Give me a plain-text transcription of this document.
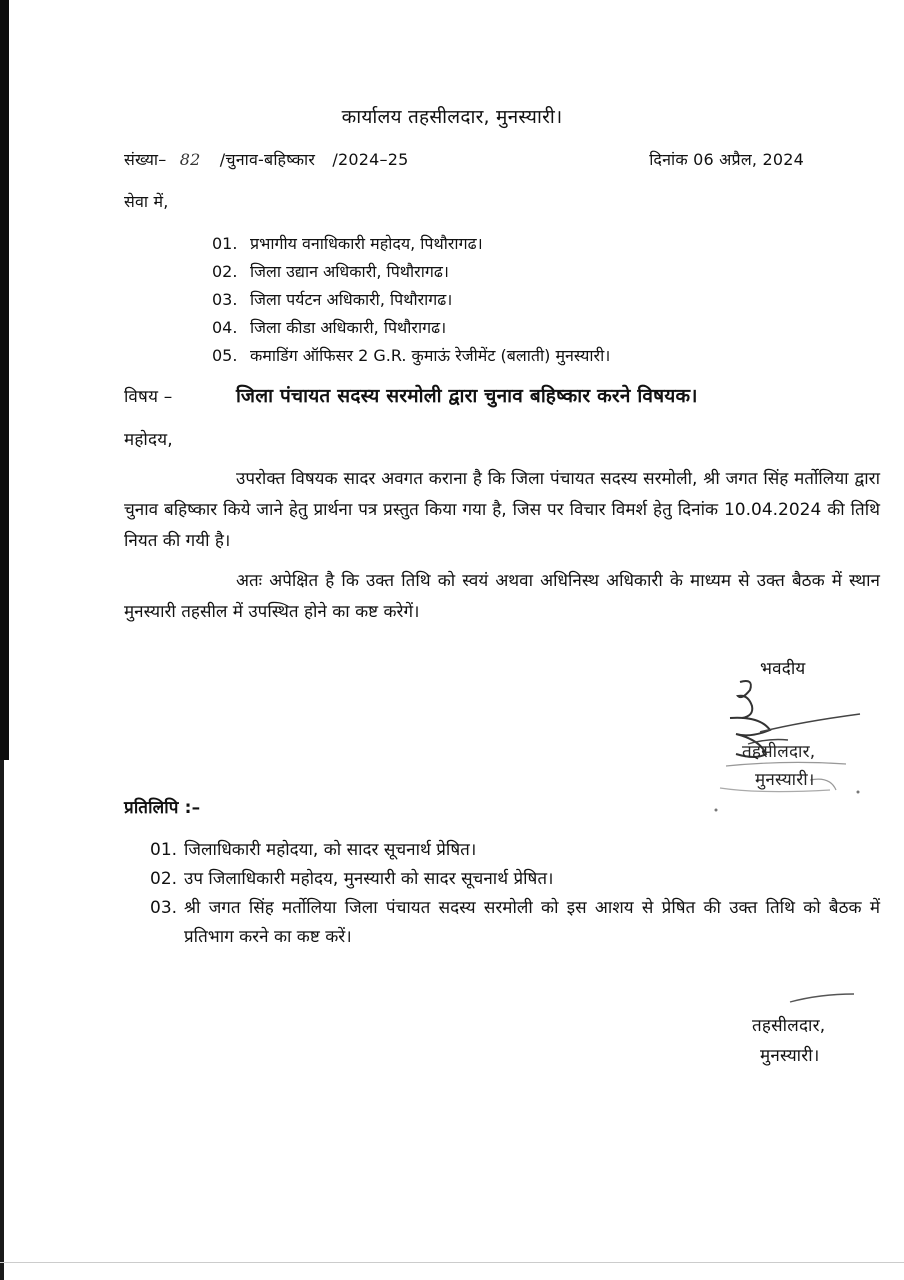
कार्यालय तहसीलदार, मुनस्यारी।
संख्या– 82 /चुनाव-बहिष्कार /2024–25	दिनांक 06 अप्रैल, 2024
सेवा में,
01. प्रभागीय वनाधिकारी महोदय, पिथौरागढ।
02. जिला उद्यान अधिकारी, पिथौरागढ।
03. जिला पर्यटन अधिकारी, पिथौरागढ।
04. जिला कीडा अधिकारी, पिथौरागढ।
05. कमाडिंग ऑफिसर 2 G.R. कुमाऊं रेजीमेंट (बलाती) मुनस्यारी।
विषय –	जिला पंचायत सदस्य सरमोली द्वारा चुनाव बहिष्कार करने विषयक।
महोदय,

उपरोक्त विषयक सादर अवगत कराना है कि जिला पंचायत सदस्य सरमोली, श्री जगत सिंह मर्तोलिया द्वारा चुनाव बहिष्कार किये जाने हेतु प्रार्थना पत्र प्रस्तुत किया गया है, जिस पर विचार विमर्श हेतु दिनांक 10.04.2024 की तिथि नियत की गयी है।

अतः अपेक्षित है कि उक्त तिथि को स्वयं अथवा अधिनिस्थ अधिकारी के माध्यम से उक्त बैठक में स्थान मुनस्यारी तहसील में उपस्थित होने का कष्ट करेगें।

भवदीय
तहसीलदार,
मुनस्यारी।
प्रतिलिपि :–
01. जिलाधिकारी महोदया, को सादर सूचनार्थ प्रेषित।
02. उप जिलाधिकारी महोदय, मुनस्यारी को सादर सूचनार्थ प्रेषित।
03. श्री जगत सिंह मर्तोलिया जिला पंचायत सदस्य सरमोली को इस आशय से प्रेषित की उक्त तिथि को बैठक में प्रतिभाग करने का कष्ट करें।
तहसीलदार,
मुनस्यारी।
